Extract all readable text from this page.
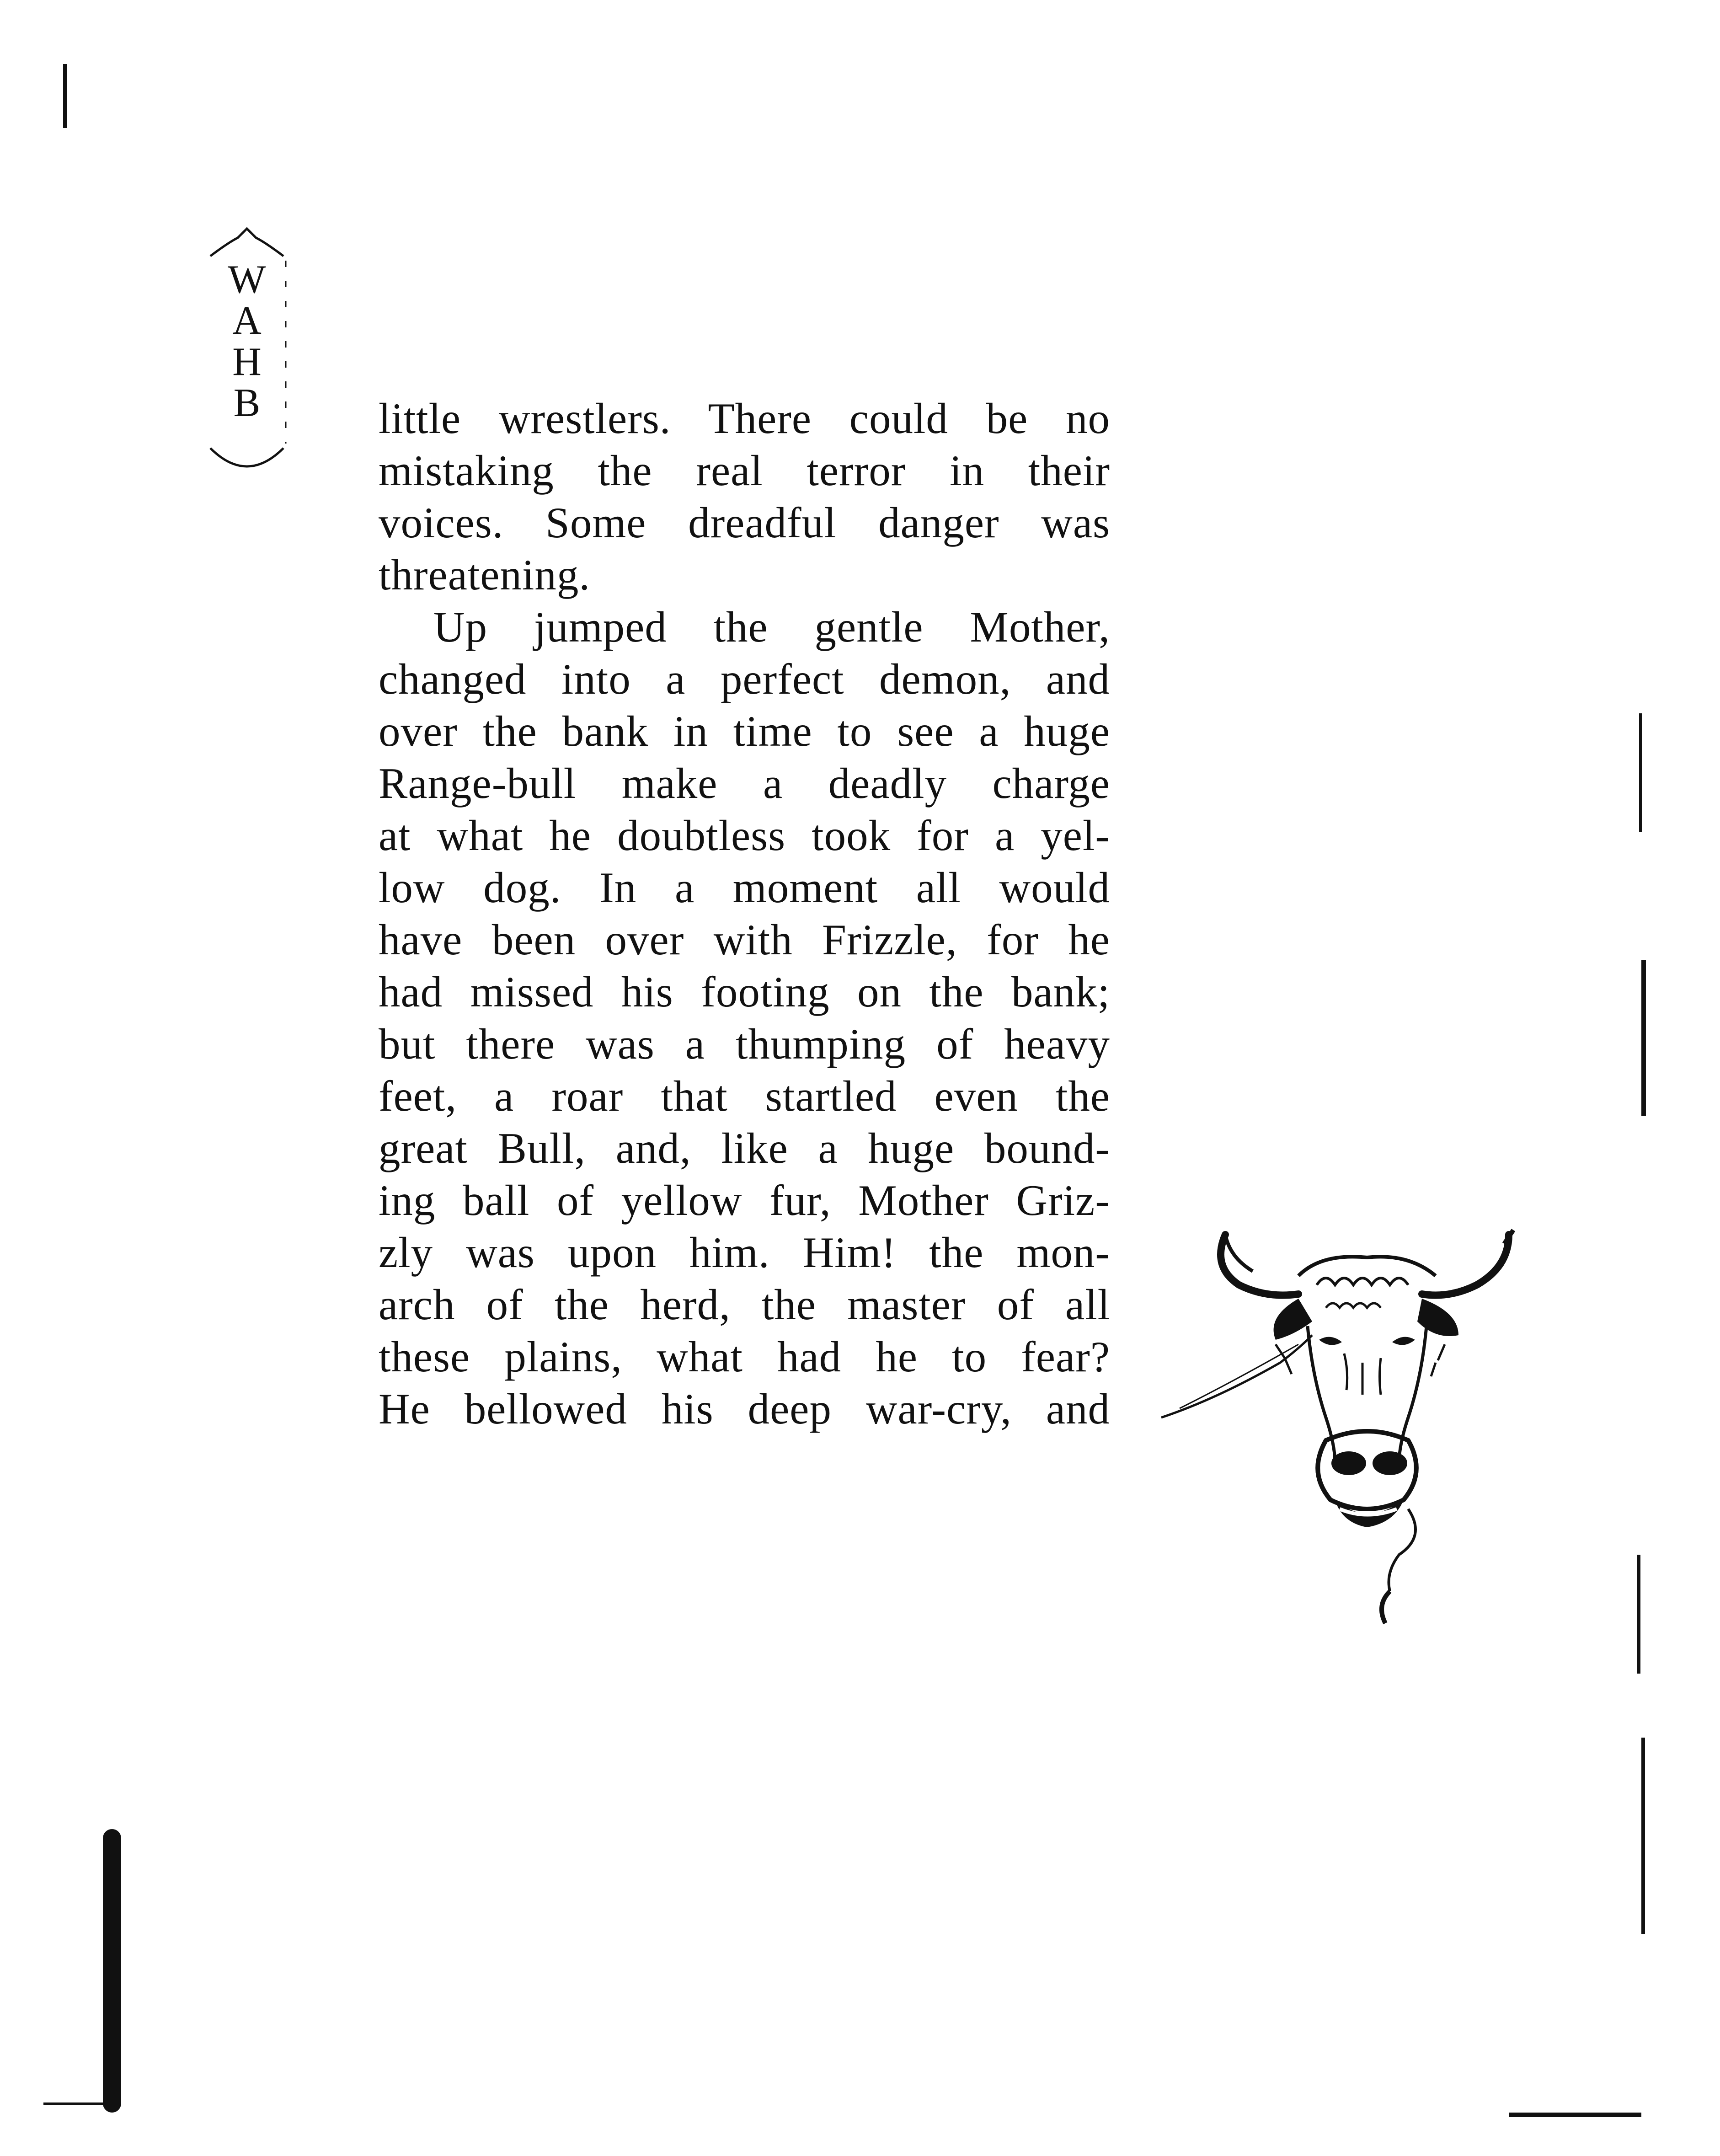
W
A
H
B	little wrestlers. There could be no
mistaking the real terror in their
voices. Some dreadful danger was
threatening.
Up jumped the gentle Mother,
changed into a perfect demon, and
over the bank in time to see a huge
Range-bull make a deadly charge
at what he doubtless took for a yel-
low dog. In a moment all would
have been over with Frizzle, for he
had missed his footing on the bank;
but there was a thumping of heavy
feet, a roar that startled even the
great Bull, and, like a huge bound-
ing ball of yellow fur, Mother Griz-
zly was upon him. Him! the mon-
arch of the herd, the master of all
these plains, what had he to fear?
He bellowed his deep war-cry, and
